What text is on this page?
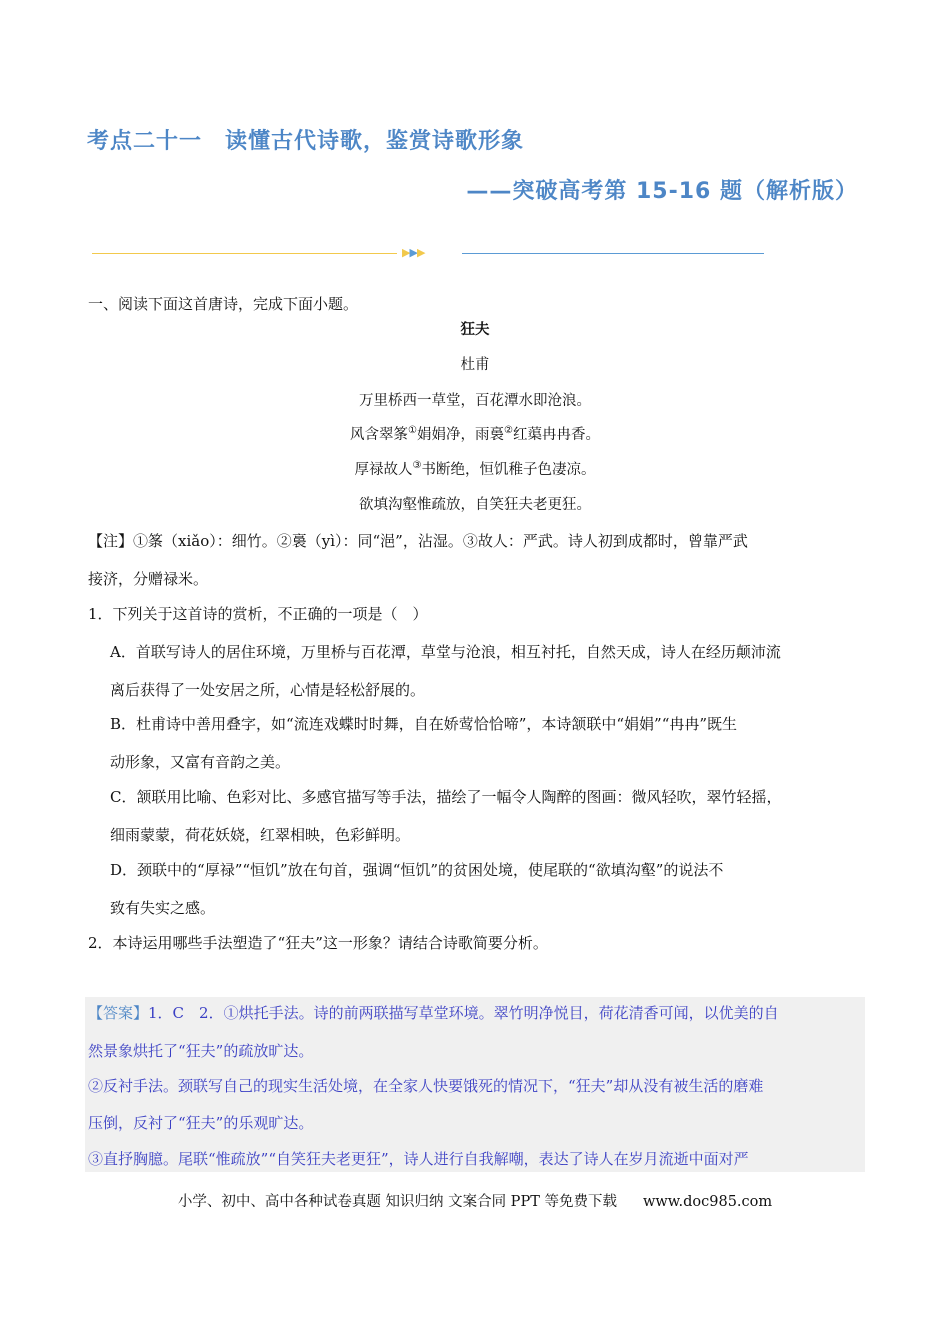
考点二十一　读懂古代诗歌，鉴赏诗歌形象
——突破高考第 15-16 题（解析版）
▶▶▶
一、阅读下面这首唐诗，完成下面小题。
狂夫
杜甫
万里桥西一草堂，百花潭水即沧浪。
风含翠筿①娟娟净，雨裛②红蕖冉冉香。
厚禄故人③书断绝，恒饥稚子色凄凉。
欲填沟壑惟疏放，自笑狂夫老更狂。
【注】①筿（xiǎo）：细竹。②裛（yì）：同“浥”，沾湿。③故人：严武。诗人初到成都时，曾靠严武
接济，分赠禄米。
1．下列关于这首诗的赏析，不正确的一项是（　）
A．首联写诗人的居住环境，万里桥与百花潭，草堂与沧浪，相互衬托，自然天成，诗人在经历颠沛流
离后获得了一处安居之所，心情是轻松舒展的。
B．杜甫诗中善用叠字，如“流连戏蝶时时舞，自在娇莺恰恰啼”，本诗颔联中“娟娟”“冉冉”既生
动形象，又富有音韵之美。
C．颔联用比喻、色彩对比、多感官描写等手法，描绘了一幅令人陶醉的图画：微风轻吹，翠竹轻摇，
细雨蒙蒙，荷花妖娆，红翠相映，色彩鲜明。
D．颈联中的“厚禄”“恒饥”放在句首，强调“恒饥”的贫困处境，使尾联的“欲填沟壑”的说法不
致有失实之感。
2．本诗运用哪些手法塑造了“狂夫”这一形象？请结合诗歌简要分析。
【答案】1．C　2．①烘托手法。诗的前两联描写草堂环境。翠竹明净悦目，荷花清香可闻，以优美的自
然景象烘托了“狂夫”的疏放旷达。
②反衬手法。颈联写自己的现实生活处境，在全家人快要饿死的情况下，“狂夫”却从没有被生活的磨难
压倒，反衬了“狂夫”的乐观旷达。
③直抒胸臆。尾联“惟疏放”“自笑狂夫老更狂”，诗人进行自我解嘲，表达了诗人在岁月流逝中面对严
小学、初中、高中各种试卷真题 知识归纳 文案合同 PPT 等免费下载 www.doc985.com
